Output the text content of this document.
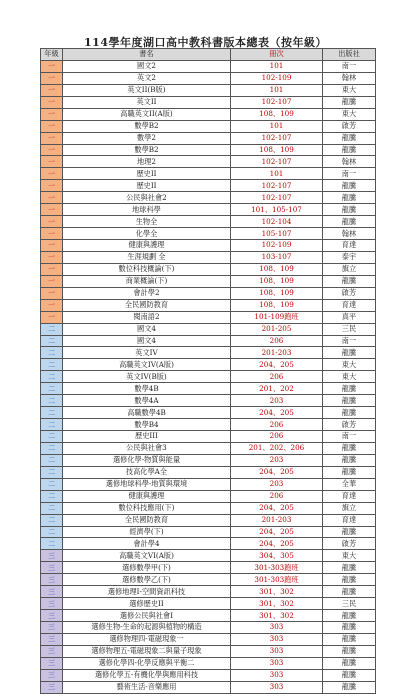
114學年度湖口高中教科書版本總表（按年級）
年級	書名	冊次	出版社
一	國文2	101	南一
一	英文2	102-109	翰林
一	英文II(B版)	101	東大
一	英文II	102-107	龍騰
一	高職英文II(A版)	108、109	東大
一	數學B2	101	啟芳
一	數學2	102-107	龍騰
一	數學B2	108、109	龍騰
一	地理2	102-107	翰林
一	歷史II	101	南一
一	歷史II	102-107	龍騰
一	公民與社會2	102-107	龍騰
一	地球科學	101、105-107	龍騰
一	生物全	102-104	龍騰
一	化學全	105-107	翰林
一	健康與護理	102-109	育達
一	生涯規劃 全	103-107	泰宇
一	數位科技概論(下)	108、109	旗立
一	商業概論(下)	108、109	龍騰
一	會計學2	108、109	啟芳
一	全民國防教育	108、109	育達
一	閱南語2	101-109跑班	真平
二	國文4	201-205	三民
二	國文4	206	南一
二	英文IV	201-203	龍騰
二	高職英文IV(A版)	204、205	東大
二	英文IV(B版)	206	東大
二	數學4B	201、202	龍騰
二	數學4A	203	龍騰
二	高職數學4B	204、205	龍騰
二	數學B4	206	啟芳
二	歷史III	206	南一
二	公民與社會3	201、202、206	龍騰
二	選修化學-物質與能量	203	龍騰
二	技高化學A全	204、205	龍騰
二	選修地球科學-地質與環境	203	全華
二	健康與護理	206	育達
二	數位科技應用(下)	204、205	旗立
二	全民國防教育	201-203	育達
二	經濟學(下)	204、205	龍騰
二	會計學4	204、205	啟芳
三	高職英文VI(A版)	304、305	東大
三	選修數學甲(下)	301-303跑班	龍騰
三	選修數學乙(下)	301-303跑班	龍騰
三	選修地理I-空間資訊科技	301、302	龍騰
三	選修歷史II	301、302	三民
三	選修公民與社會I	301、302	龍騰
三	選修生物-生命的起源與植物的構造	303	龍騰
三	選修物理四-電磁現象一	303	龍騰
三	選修物理五-電磁現象二與量子現象	303	龍騰
三	選修化學四-化學反應與平衡二	303	龍騰
三	選修化學五-有機化學與應用科技	303	龍騰
三	藝術生活-音樂應用	303	龍騰
